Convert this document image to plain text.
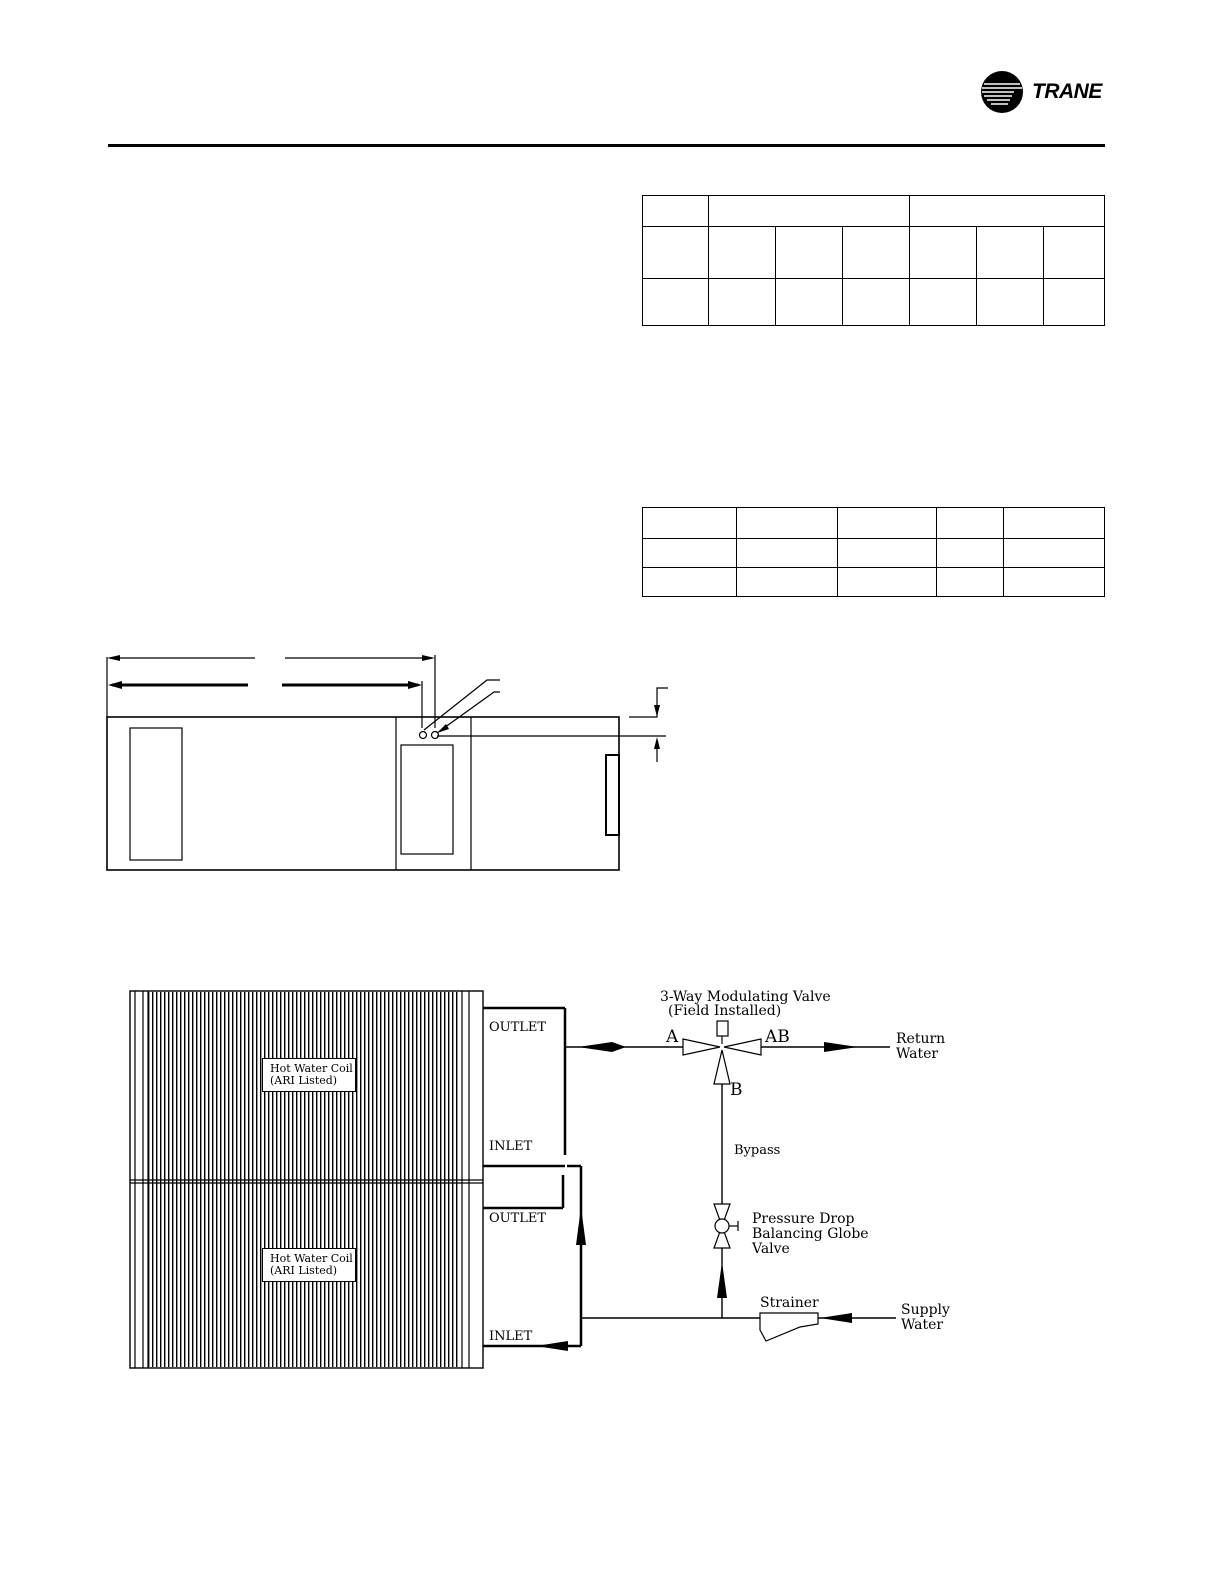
TRANE

3-Way Modulating Valve
(Field Installed)
A	AB
B
Return
Water
Bypass
Pressure Drop
Balancing Globe
Valve
Strainer	Supply
Water
OUTLET
INLET
OUTLET
INLET
Hot Water Coil
(ARI Listed)
Hot Water Coil
(ARI Listed)
